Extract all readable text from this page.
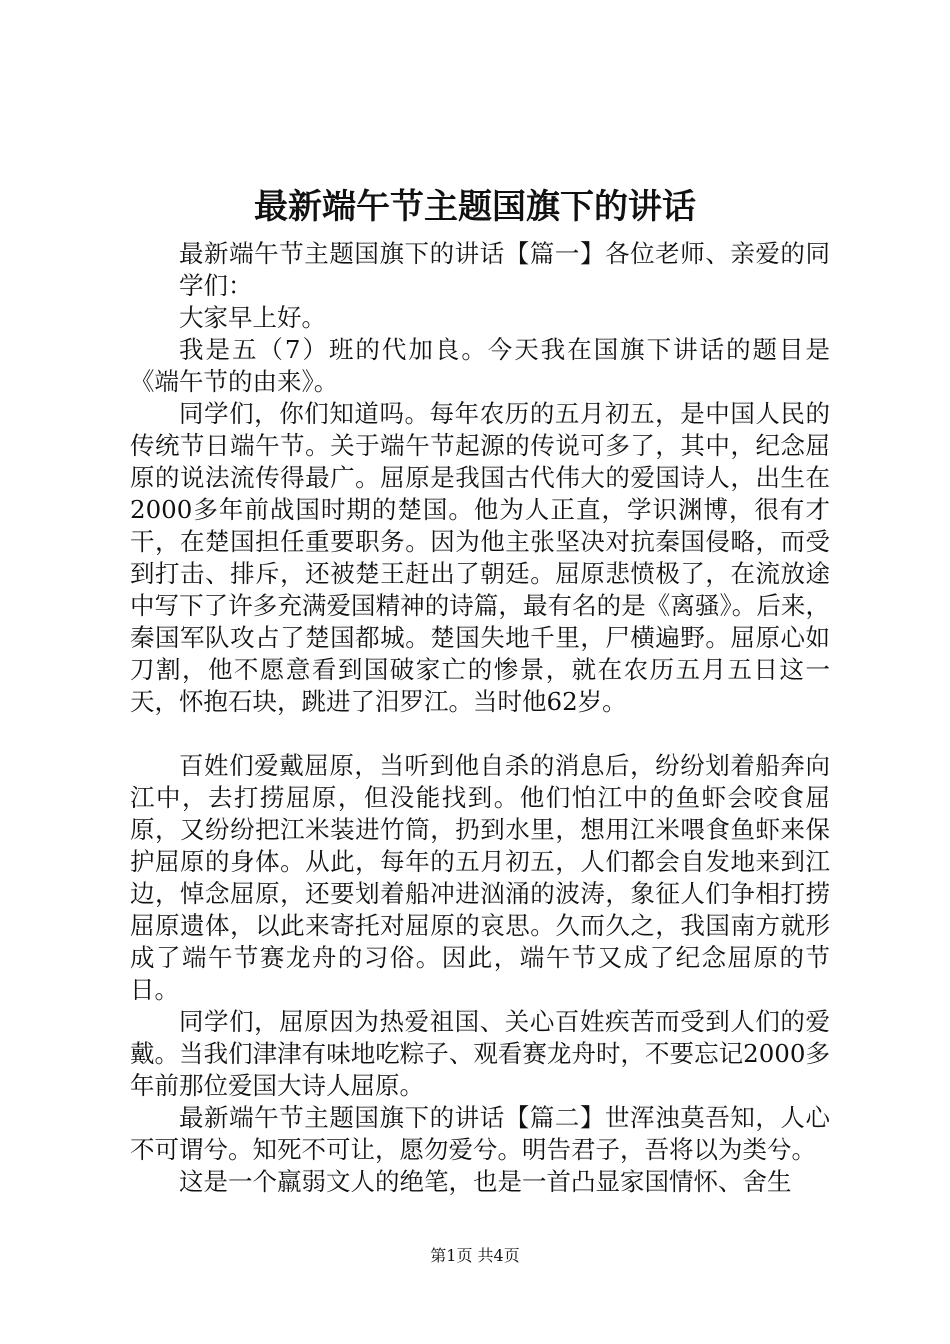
最新端午节主题国旗下的讲话

最新端午节主题国旗下的讲话【篇一】各位老师、亲爱的同学们：

大家早上好。

我是五（7）班的代加良。今天我在国旗下讲话的题目是《端午节的由来》。

同学们，你们知道吗。每年农历的五月初五，是中国人民的传统节日端午节。关于端午节起源的传说可多了，其中，纪念屈原的说法流传得最广。屈原是我国古代伟大的爱国诗人，出生在2000多年前战国时期的楚国。他为人正直，学识渊博，很有才干，在楚国担任重要职务。因为他主张坚决对抗秦国侵略，而受到打击、排斥，还被楚王赶出了朝廷。屈原悲愤极了，在流放途中写下了许多充满爱国精神的诗篇，最有名的是《离骚》。后来，秦国军队攻占了楚国都城。楚国失地千里，尸横遍野。屈原心如刀割，他不愿意看到国破家亡的惨景，就在农历五月五日这一天，怀抱石块，跳进了汨罗江。当时他62岁。

百姓们爱戴屈原，当听到他自杀的消息后，纷纷划着船奔向江中，去打捞屈原，但没能找到。他们怕江中的鱼虾会咬食屈原，又纷纷把江米装进竹筒，扔到水里，想用江米喂食鱼虾来保护屈原的身体。从此，每年的五月初五，人们都会自发地来到江边，悼念屈原，还要划着船冲进汹涌的波涛，象征人们争相打捞屈原遗体，以此来寄托对屈原的哀思。久而久之，我国南方就形成了端午节赛龙舟的习俗。因此，端午节又成了纪念屈原的节日。

同学们，屈原因为热爱祖国、关心百姓疾苦而受到人们的爱戴。当我们津津有味地吃粽子、观看赛龙舟时，不要忘记2000多年前那位爱国大诗人屈原。

最新端午节主题国旗下的讲话【篇二】世浑浊莫吾知，人心不可谓兮。知死不可让，愿勿爱兮。明告君子，吾将以为类兮。

这是一个羸弱文人的绝笔，也是一首凸显家国情怀、舍生

第1页 共4页
